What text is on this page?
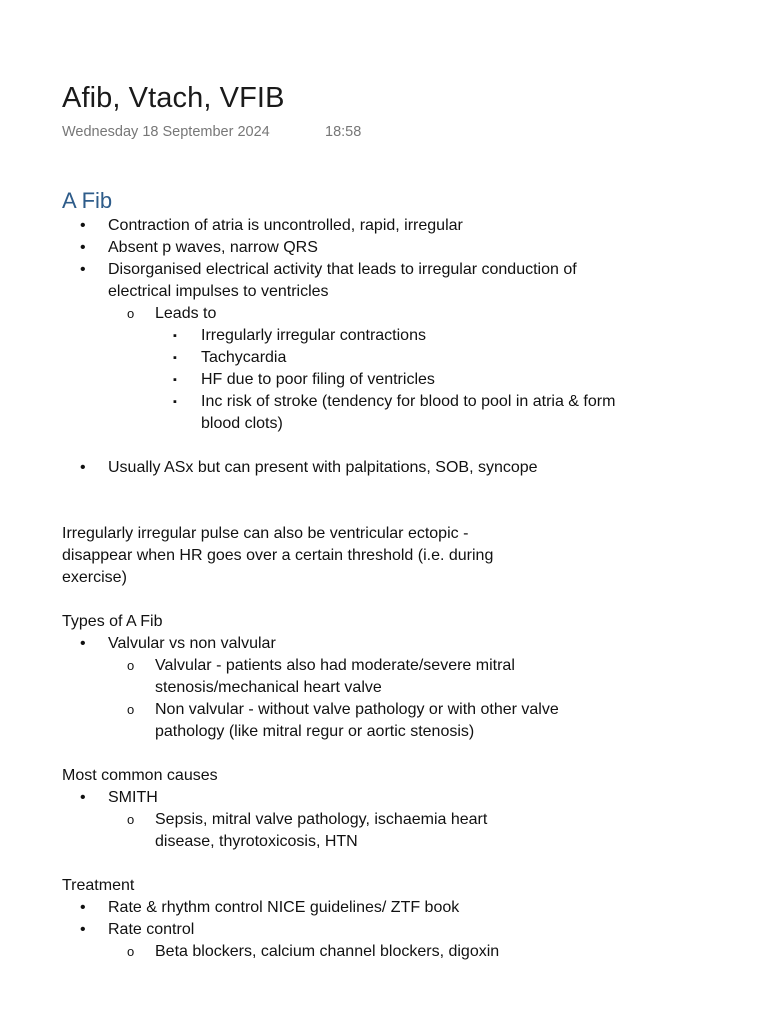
Afib, Vtach, VFIB
Wednesday 18 September 2024	18:58
A Fib
• Contraction of atria is uncontrolled, rapid, irregular
• Absent p waves, narrow QRS
• Disorganised electrical activity that leads to irregular conduction of electrical impulses to ventricles
o Leads to
▪ Irregularly irregular contractions
▪ Tachycardia
▪ HF due to poor filing of ventricles
▪ Inc risk of stroke (tendency for blood to pool in atria & form blood clots)
• Usually ASx but can present with palpitations, SOB, syncope
Irregularly irregular pulse can also be ventricular ectopic - disappear when HR goes over a certain threshold (i.e. during exercise)
Types of A Fib
• Valvular vs non valvular
o Valvular - patients also had moderate/severe mitral stenosis/mechanical heart valve
o Non valvular - without valve pathology or with other valve pathology (like mitral regur or aortic stenosis)
Most common causes
• SMITH
o Sepsis, mitral valve pathology, ischaemia heart disease, thyrotoxicosis, HTN
Treatment
• Rate & rhythm control NICE guidelines/ ZTF book
• Rate control
o Beta blockers, calcium channel blockers, digoxin
